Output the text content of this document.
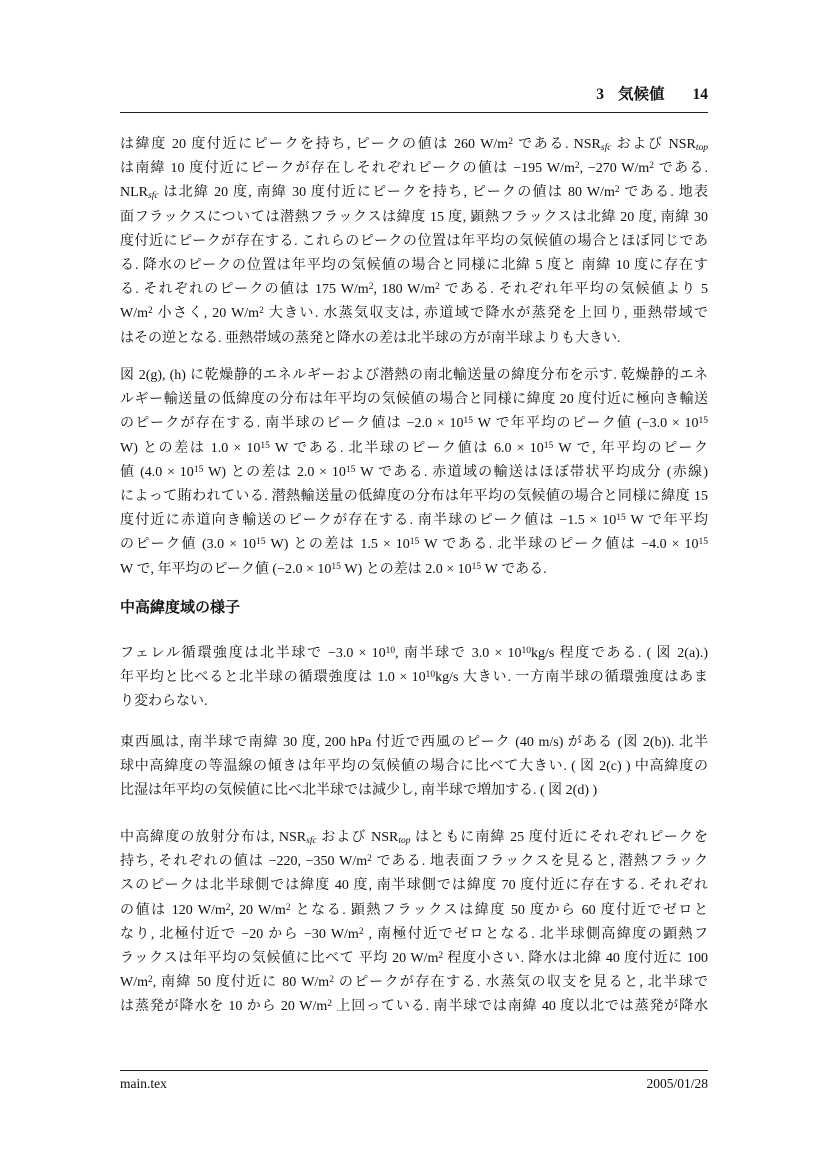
3 気候値 14
は緯度 20 度付近にピークを持ち, ピークの値は 260 $W/m^2$ である. $NSR_{sfc}$ および $NSR_{top}$
は南緯 10 度付近にピークが存在しそれぞれピークの値は −195 $W/m^2$, −270 $W/m^2$ である.
$NLR_{sfc}$ は北緯 20 度, 南緯 30 度付近にピークを持ち, ピークの値は 80 $W/m^2$ である. 地表
面フラックスについては潜熱フラックスは緯度 15 度, 顕熱フラックスは北緯 20 度, 南緯 30
度付近にピークが存在する. これらのピークの位置は年平均の気候値の場合とほぼ同じであ
る. 降水のピークの位置は年平均の気候値の場合と同様に北緯 5 度と 南緯 10 度に存在す
る. それぞれのピークの値は 175 $W/m^2$, 180 $W/m^2$ である. それぞれ年平均の気候値より 5
$W/m^2$ 小さく, 20 $W/m^2$ 大きい. 水蒸気収支は, 赤道域で降水が蒸発を上回り, 亜熱帯域で
はその逆となる. 亜熱帯域の蒸発と降水の差は北半球の方が南半球よりも大きい.
図 2(g), (h) に乾燥静的エネルギーおよび潜熱の南北輸送量の緯度分布を示す. 乾燥静的エネ
ルギー輸送量の低緯度の分布は年平均の気候値の場合と同様に緯度 20 度付近に極向き輸送
のピークが存在する. 南半球のピーク値は $-2.0 \times 10^{15}$ W で年平均のピーク値 ($-3.0 \times 10^{15}$
W) との差は $1.0 \times 10^{15}$ W である. 北半球のピーク値は $6.0 \times 10^{15}$ W で, 年平均のピーク
値 ($4.0 \times 10^{15}$ W) との差は $2.0 \times 10^{15}$ W である. 赤道域の輸送はほぼ帯状平均成分 (赤線)
によって賄われている. 潜熱輸送量の低緯度の分布は年平均の気候値の場合と同様に緯度 15
度付近に赤道向き輸送のピークが存在する. 南半球のピーク値は $-1.5 \times 10^{15}$ W で年平均
のピーク値 ($3.0 \times 10^{15}$ W) との差は $1.5 \times 10^{15}$ W である. 北半球のピーク値は $-4.0 \times 10^{15}$
W で, 年平均のピーク値 ($-2.0 \times 10^{15}$ W) との差は $2.0 \times 10^{15}$ W である.
中高緯度域の様子
フェレル循環強度は北半球で $-3.0 \times 10^{10}$, 南半球で $3.0 \times 10^{10}kg/s$ 程度である. ( 図 2(a).)
年平均と比べると北半球の循環強度は $1.0 \times 10^{10}kg/s$ 大きい. 一方南半球の循環強度はあま
り変わらない.
東西風は, 南半球で南緯 30 度, 200 hPa 付近で西風のピーク (40 m/s) がある (図 2(b)). 北半
球中高緯度の等温線の傾きは年平均の気候値の場合に比べて大きい. ( 図 2(c) ) 中高緯度の
比湿は年平均の気候値に比べ北半球では減少し, 南半球で増加する. ( 図 2(d) )
中高緯度の放射分布は, $NSR_{sfc}$ および $NSR_{top}$ はともに南緯 25 度付近にそれぞれピークを
持ち, それぞれの値は −220, −350 $W/m^2$ である. 地表面フラックスを見ると, 潜熱フラック
スのピークは北半球側では緯度 40 度, 南半球側では緯度 70 度付近に存在する. それぞれ
の値は 120 $W/m^2$, 20 $W/m^2$ となる. 顕熱フラックスは緯度 50 度から 60 度付近でゼロと
なり, 北極付近で −20 から −30 $W/m^2$ , 南極付近でゼロとなる. 北半球側高緯度の顕熱フ
ラックスは年平均の気候値に比べて 平均 20 $W/m^2$ 程度小さい. 降水は北緯 40 度付近に 100
$W/m^2$, 南緯 50 度付近に 80 $W/m^2$ のピークが存在する. 水蒸気の収支を見ると, 北半球で
は蒸発が降水を 10 から 20 $W/m^2$ 上回っている. 南半球では南緯 40 度以北では蒸発が降水
main.tex	2005/01/28
